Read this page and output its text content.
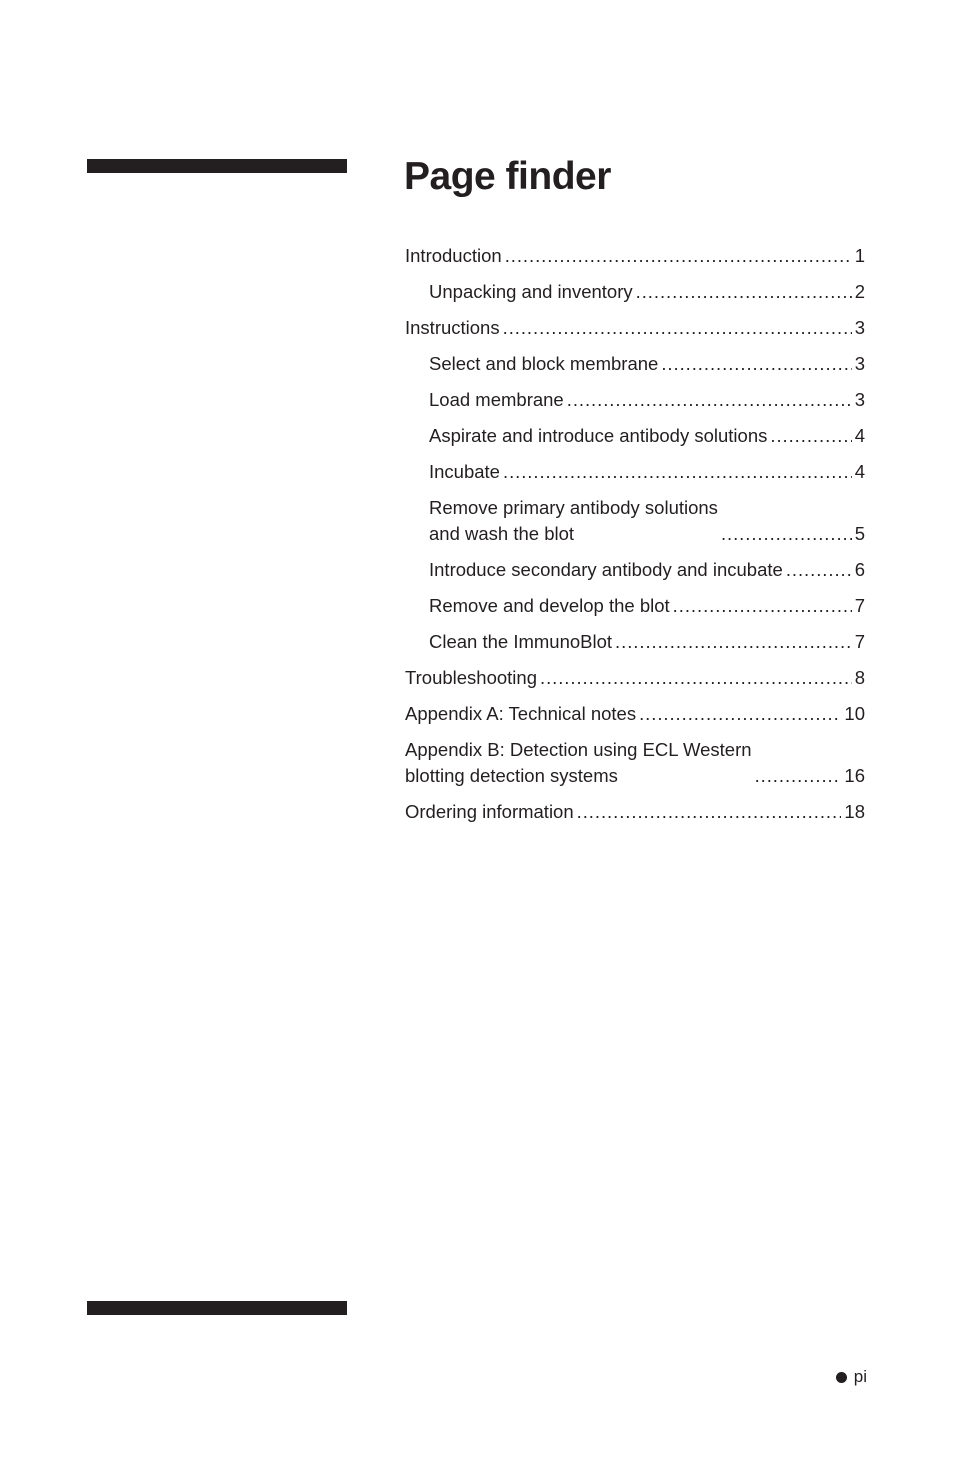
Page finder
Introduction . . .	1
Unpacking and inventory . . .	2
Instructions . . .	3
Select and block membrane . . .	3
Load membrane . . .	3
Aspirate and introduce antibody solutions . . .	4
Incubate . . .	4
Remove primary antibody solutions
and wash the blot . . .	5
Introduce secondary antibody and incubate . . .	6
Remove and develop the blot . . .	7
Clean the ImmunoBlot . . .	7
Troubleshooting . . .	8
Appendix A: Technical notes . . .	10
Appendix B: Detection using ECL Western
blotting detection systems . . .	16
Ordering information . . .	18
pi
